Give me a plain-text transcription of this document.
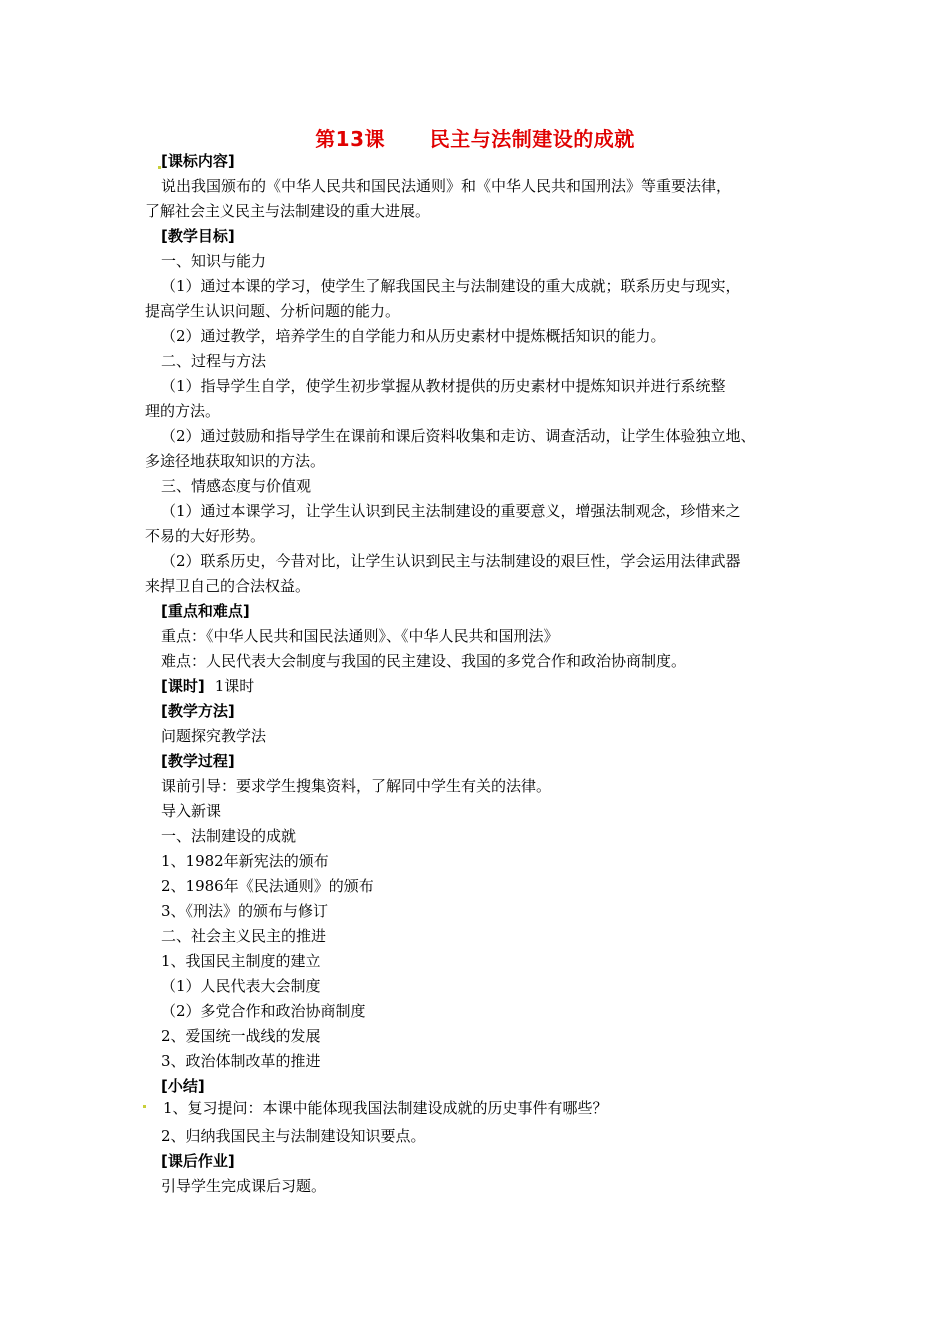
第13课      民主与法制建设的成就
[课标内容]
说出我国颁布的《中华人民共和国民法通则》和《中华人民共和国刑法》等重要法律，
了解社会主义民主与法制建设的重大进展。
[教学目标]
一、知识与能力
（1）通过本课的学习，使学生了解我国民主与法制建设的重大成就；联系历史与现实，
提高学生认识问题、分析问题的能力。
（2）通过教学，培养学生的自学能力和从历史素材中提炼概括知识的能力。
二、过程与方法
（1）指导学生自学，使学生初步掌握从教材提供的历史素材中提炼知识并进行系统整
理的方法。
（2）通过鼓励和指导学生在课前和课后资料收集和走访、调查活动，让学生体验独立地、
多途径地获取知识的方法。
三、情感态度与价值观
（1）通过本课学习，让学生认识到民主法制建设的重要意义，增强法制观念，珍惜来之
不易的大好形势。
（2）联系历史，今昔对比，让学生认识到民主与法制建设的艰巨性，学会运用法律武器
来捍卫自己的合法权益。
[重点和难点]
重点：《中华人民共和国民法通则》、《中华人民共和国刑法》
难点：人民代表大会制度与我国的民主建设、我国的多党合作和政治协商制度。
[课时] 1课时
[教学方法]
问题探究教学法
[教学过程]
课前引导：要求学生搜集资料，了解同中学生有关的法律。
导入新课
一、法制建设的成就
1、1982年新宪法的颁布
2、1986年《民法通则》的颁布
3、《刑法》的颁布与修订
二、社会主义民主的推进
1、我国民主制度的建立
（1）人民代表大会制度
（2）多党合作和政治协商制度
2、爱国统一战线的发展
3、政治体制改革的推进
[小结]
1、复习提问：本课中能体现我国法制建设成就的历史事件有哪些？
2、归纳我国民主与法制建设知识要点。
[课后作业]
引导学生完成课后习题。
